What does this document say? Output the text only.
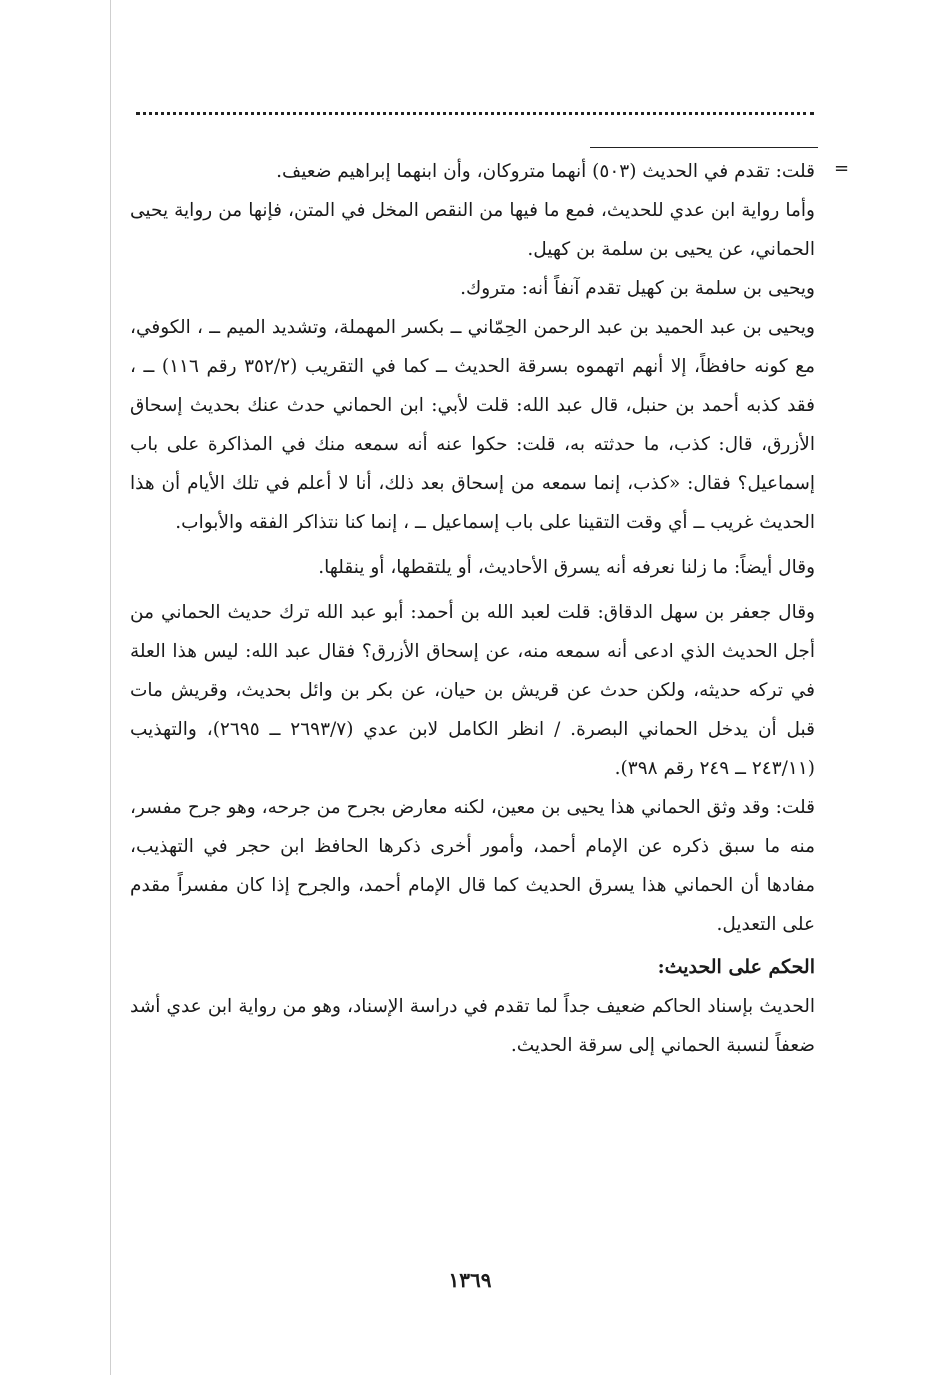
=

قلت: تقدم في الحديث (٥٠٣) أنهما متروكان، وأن ابنهما إبراهيم ضعيف.

وأما رواية ابن عدي للحديث، فمع ما فيها من النقص المخل في المتن، فإنها من رواية يحيى الحماني، عن يحيى بن سلمة بن كهيل.

ويحيى بن سلمة بن كهيل تقدم آنفاً أنه: متروك.

ويحيى بن عبد الحميد بن عبد الرحمن الحِمّاني ــ بكسر المهملة، وتشديد الميم ــ ، الكوفي، مع كونه حافظاً، إلا أنهم اتهموه بسرقة الحديث ــ كما في التقريب (٣٥٢/٢ رقم ١١٦) ــ ، فقد كذبه أحمد بن حنبل، قال عبد الله: قلت لأبي: ابن الحماني حدث عنك بحديث إسحاق الأزرق، قال: كذب، ما حدثته به، قلت: حكوا عنه أنه سمعه منك في المذاكرة على باب إسماعيل؟ فقال: «كذب، إنما سمعه من إسحاق بعد ذلك، أنا لا أعلم في تلك الأيام أن هذا الحديث غريب ــ أي وقت التقينا على باب إسماعيل ــ ، إنما كنا نتذاكر الفقه والأبواب.

وقال أيضاً: ما زلنا نعرفه أنه يسرق الأحاديث، أو يلتقطها، أو ينقلها.

وقال جعفر بن سهل الدقاق: قلت لعبد الله بن أحمد: أبو عبد الله ترك حديث الحماني من أجل الحديث الذي ادعى أنه سمعه منه، عن إسحاق الأزرق؟ فقال عبد الله: ليس هذا العلة في تركه حديثه، ولكن حدث عن قريش بن حيان، عن بكر بن وائل بحديث، وقريش مات قبل أن يدخل الحماني البصرة. / انظر الكامل لابن عدي (٢٦٩٣/٧ ــ ٢٦٩٥)، والتهذيب (٢٤٣/١١ ــ ٢٤٩ رقم ٣٩٨).

قلت: وقد وثق الحماني هذا يحيى بن معين، لكنه معارض بجرح من جرحه، وهو جرح مفسر، منه ما سبق ذكره عن الإمام أحمد، وأمور أخرى ذكرها الحافظ ابن حجر في التهذيب، مفادها أن الحماني هذا يسرق الحديث كما قال الإمام أحمد، والجرح إذا كان مفسراً مقدم على التعديل.

الحكم على الحديث:

الحديث بإسناد الحاكم ضعيف جداً لما تقدم في دراسة الإسناد، وهو من رواية ابن عدي أشد ضعفاً لنسبة الحماني إلى سرقة الحديث.

١٣٦٩
